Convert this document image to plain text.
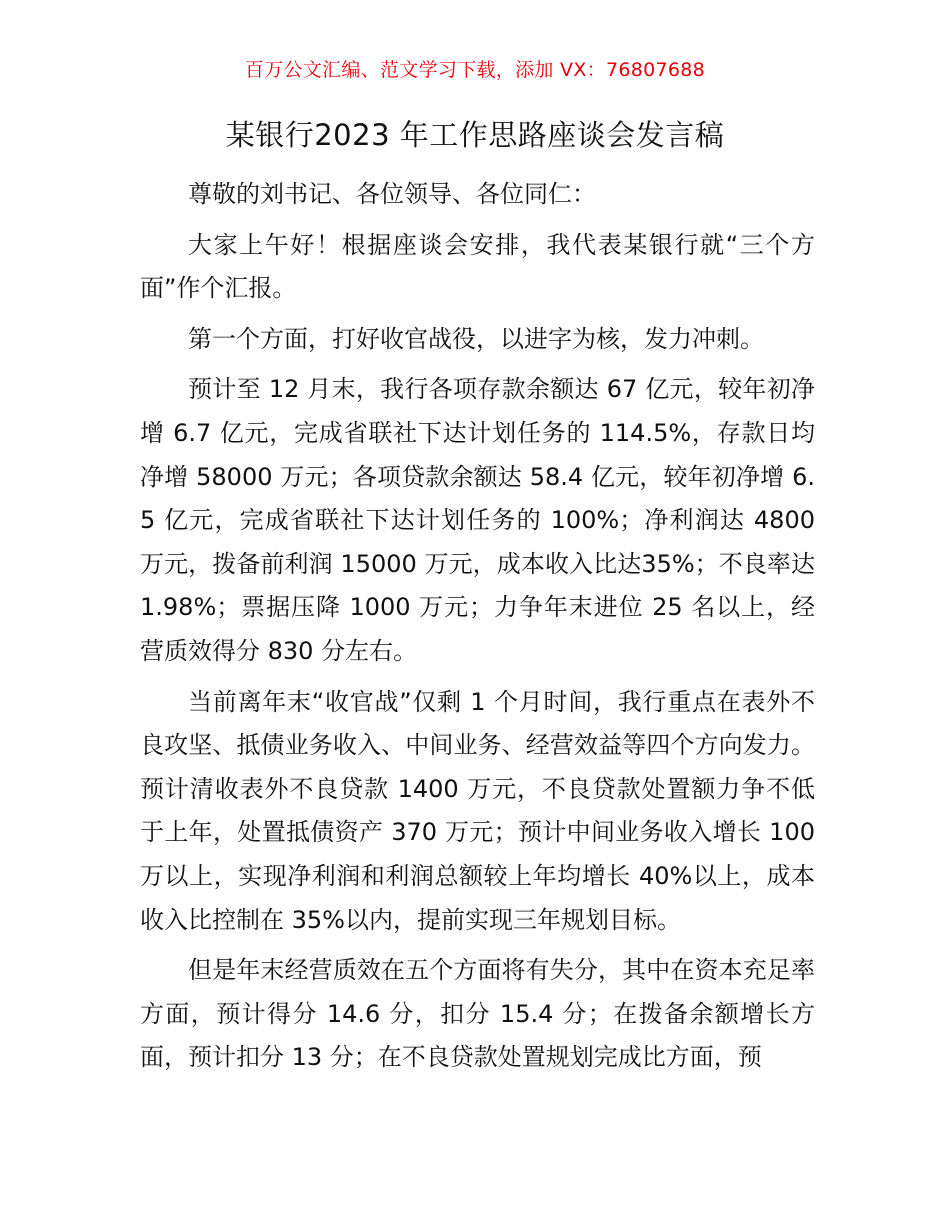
百万公文汇编、范文学习下载，添加 VX：76807688
某银行2023 年工作思路座谈会发言稿

尊敬的刘书记、各位领导、各位同仁：

大家上午好！根据座谈会安排，我代表某银行就“三个方面”作个汇报。

第一个方面，打好收官战役，以进字为核，发力冲刺。

预计至 12 月末，我行各项存款余额达 67 亿元，较年初净增 6.7 亿元，完成省联社下达计划任务的 114.5%，存款日均净增 58000 万元；各项贷款余额达 58.4 亿元，较年初净增 6.5 亿元，完成省联社下达计划任务的 100%；净利润达 4800 万元，拨备前利润 15000 万元，成本收入比达35%；不良率达 1.98%；票据压降 1000 万元；力争年末进位 25 名以上，经营质效得分 830 分左右。

当前离年末“收官战”仅剩 1 个月时间，我行重点在表外不良攻坚、抵债业务收入、中间业务、经营效益等四个方向发力。预计清收表外不良贷款 1400 万元，不良贷款处置额力争不低于上年，处置抵债资产 370 万元；预计中间业务收入增长 100 万以上，实现净利润和利润总额较上年均增长 40%以上，成本收入比控制在 35%以内，提前实现三年规划目标。

但是年末经营质效在五个方面将有失分，其中在资本充足率方面，预计得分 14.6 分，扣分 15.4 分；在拨备余额增长方面，预计扣分 13 分；在不良贷款处置规划完成比方面，预
